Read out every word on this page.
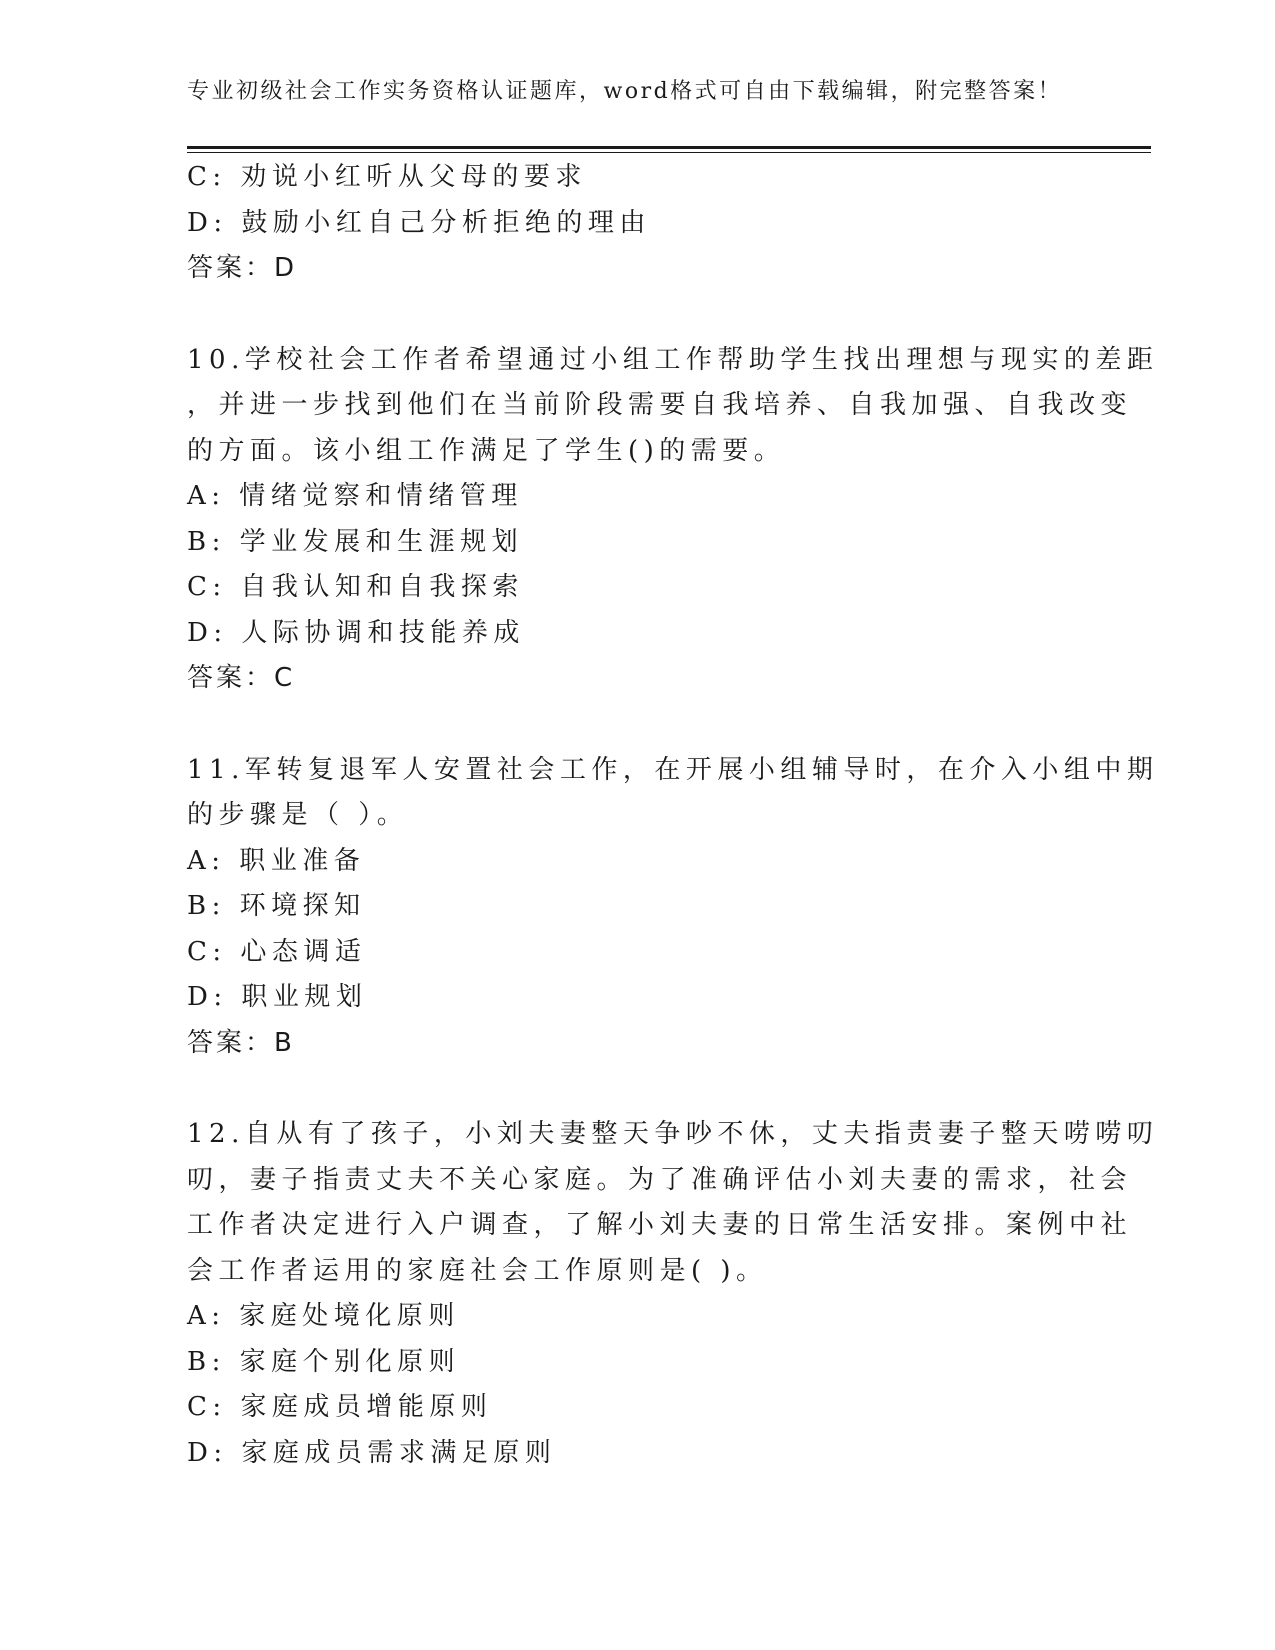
专业初级社会工作实务资格认证题库，word格式可自由下载编辑，附完整答案！
C: 劝说小红听从父母的要求
D: 鼓励小红自己分析拒绝的理由
答案：D
10.学校社会工作者希望通过小组工作帮助学生找出理想与现实的差距
，并进一步找到他们在当前阶段需要自我培养、自我加强、自我改变
的方面。该小组工作满足了学生()的需要。
A: 情绪觉察和情绪管理
B: 学业发展和生涯规划
C: 自我认知和自我探索
D: 人际协调和技能养成
答案：C
11.军转复退军人安置社会工作，在开展小组辅导时，在介入小组中期
的步骤是（ ）。
A: 职业准备
B: 环境探知
C: 心态调适
D: 职业规划
答案：B
12.自从有了孩子，小刘夫妻整天争吵不休，丈夫指责妻子整天唠唠叨
叨，妻子指责丈夫不关心家庭。为了准确评估小刘夫妻的需求，社会
工作者决定进行入户调查，了解小刘夫妻的日常生活安排。案例中社
会工作者运用的家庭社会工作原则是( )。
A: 家庭处境化原则
B: 家庭个别化原则
C: 家庭成员增能原则
D: 家庭成员需求满足原则
